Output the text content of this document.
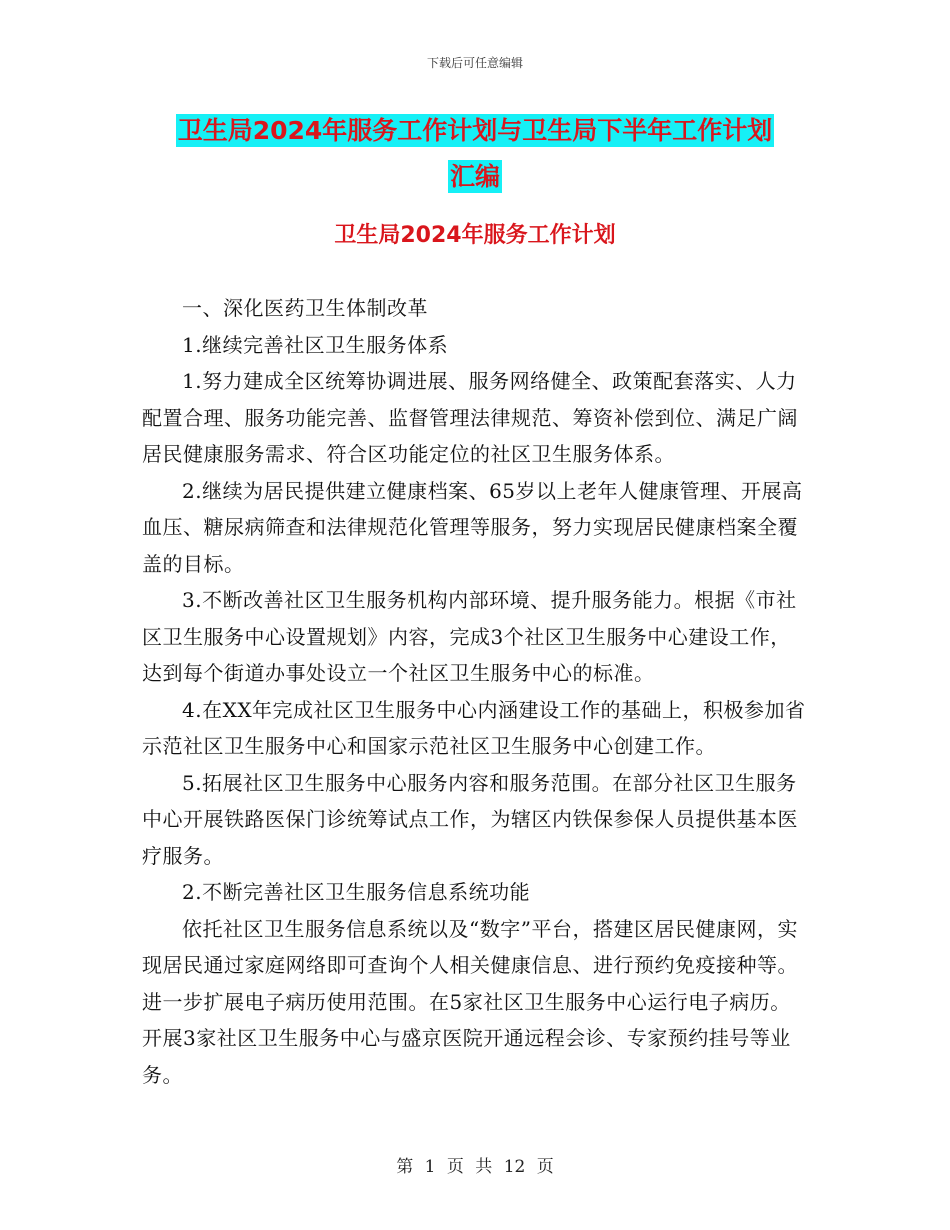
下载后可任意编辑
卫生局2024年服务工作计划与卫生局下半年工作计划
汇编
卫生局2024年服务工作计划

一、深化医药卫生体制改革

1.继续完善社区卫生服务体系

1.努力建成全区统筹协调进展、服务网络健全、政策配套落实、人力配置合理、服务功能完善、监督管理法律规范、筹资补偿到位、满足广阔居民健康服务需求、符合区功能定位的社区卫生服务体系。

2.继续为居民提供建立健康档案、65岁以上老年人健康管理、开展高血压、糖尿病筛查和法律规范化管理等服务，努力实现居民健康档案全覆盖的目标。

3.不断改善社区卫生服务机构内部环境、提升服务能力。根据《市社区卫生服务中心设置规划》内容，完成3个社区卫生服务中心建设工作，达到每个街道办事处设立一个社区卫生服务中心的标准。

4.在XX年完成社区卫生服务中心内涵建设工作的基础上，积极参加省示范社区卫生服务中心和国家示范社区卫生服务中心创建工作。

5.拓展社区卫生服务中心服务内容和服务范围。在部分社区卫生服务中心开展铁路医保门诊统筹试点工作，为辖区内铁保参保人员提供基本医疗服务。

2.不断完善社区卫生服务信息系统功能

依托社区卫生服务信息系统以及“数字”平台，搭建区居民健康网，实现居民通过家庭网络即可查询个人相关健康信息、进行预约免疫接种等。进一步扩展电子病历使用范围。在5家社区卫生服务中心运行电子病历。开展3家社区卫生服务中心与盛京医院开通远程会诊、专家预约挂号等业务。

第 1 页 共 12 页
